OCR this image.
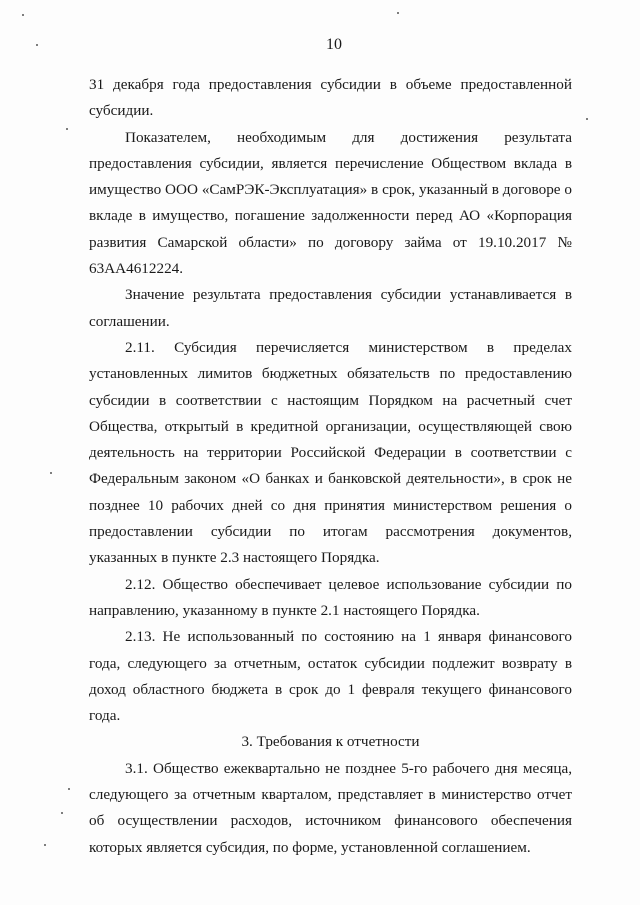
10

31 декабря года предоставления субсидии в объеме предоставленной субсидии.

Показателем, необходимым для достижения результата предоставления субсидии, является перечисление Обществом вклада в имущество ООО «СамРЭК-Эксплуатация» в срок, указанный в договоре о вкладе в имущество, погашение задолженности перед АО «Корпорация развития Самарской области» по договору займа от 19.10.2017 № 63АА4612224.

Значение результата предоставления субсидии устанавливается в соглашении.

2.11. Субсидия перечисляется министерством в пределах установленных лимитов бюджетных обязательств по предоставлению субсидии в соответствии с настоящим Порядком на расчетный счет Общества, открытый в кредитной организации, осуществляющей свою деятельность на территории Российской Федерации в соответствии с Федеральным законом «О банках и банковской деятельности», в срок не позднее 10 рабочих дней со дня принятия министерством решения о предоставлении субсидии по итогам рассмотрения документов, указанных в пункте 2.3 настоящего Порядка.

2.12. Общество обеспечивает целевое использование субсидии по направлению, указанному в пункте 2.1 настоящего Порядка.

2.13. Не использованный по состоянию на 1 января финансового года, следующего за отчетным, остаток субсидии подлежит возврату в доход областного бюджета в срок до 1 февраля текущего финансового года.

3. Требования к отчетности

3.1. Общество ежеквартально не позднее 5-го рабочего дня месяца, следующего за отчетным кварталом, представляет в министерство отчет об осуществлении расходов, источником финансового обеспечения которых является субсидия, по форме, установленной соглашением.
